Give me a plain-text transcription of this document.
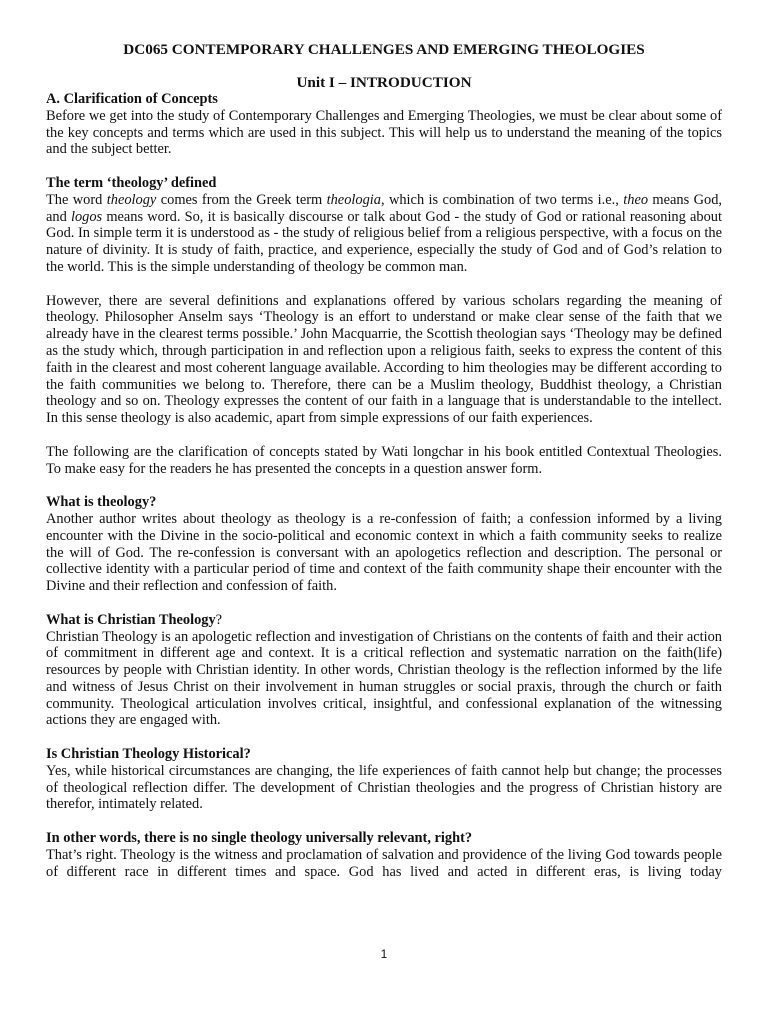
DC065 CONTEMPORARY CHALLENGES AND EMERGING THEOLOGIES
Unit I – INTRODUCTION
A. Clarification of Concepts

Before we get into the study of Contemporary Challenges and Emerging Theologies, we must be clear about some of the key concepts and terms which are used in this subject. This will help us to understand the meaning of the topics and the subject better.

The term ‘theology’ defined

The word theology comes from the Greek term theologia, which is combination of two terms i.e., theo means God, and logos means word. So, it is basically discourse or talk about God - the study of God or rational reasoning about God. In simple term it is understood as - the study of religious belief from a religious perspective, with a focus on the nature of divinity. It is study of faith, practice, and experience, especially the study of God and of God’s relation to the world. This is the simple understanding of theology be common man.

However, there are several definitions and explanations offered by various scholars regarding the meaning of theology. Philosopher Anselm says ‘Theology is an effort to understand or make clear sense of the faith that we already have in the clearest terms possible.’ John Macquarrie, the Scottish theologian says ‘Theology may be defined as the study which, through participation in and reflection upon a religious faith, seeks to express the content of this faith in the clearest and most coherent language available. According to him theologies may be different according to the faith communities we belong to. Therefore, there can be a Muslim theology, Buddhist theology, a Christian theology and so on. Theology expresses the content of our faith in a language that is understandable to the intellect. In this sense theology is also academic, apart from simple expressions of our faith experiences.

The following are the clarification of concepts stated by Wati longchar in his book entitled Contextual Theologies. To make easy for the readers he has presented the concepts in a question answer form.

What is theology?

Another author writes about theology as theology is a re-confession of faith; a confession informed by a living encounter with the Divine in the socio-political and economic context in which a faith community seeks to realize the will of God. The re-confession is conversant with an apologetics reflection and description. The personal or collective identity with a particular period of time and context of the faith community shape their encounter with the Divine and their reflection and confession of faith.

What is Christian Theology?

Christian Theology is an apologetic reflection and investigation of Christians on the contents of faith and their action of commitment in different age and context. It is a critical reflection and systematic narration on the faith(life) resources by people with Christian identity. In other words, Christian theology is the reflection informed by the life and witness of Jesus Christ on their involvement in human struggles or social praxis, through the church or faith community. Theological articulation involves critical, insightful, and confessional explanation of the witnessing actions they are engaged with.

Is Christian Theology Historical?

Yes, while historical circumstances are changing, the life experiences of faith cannot help but change; the processes of theological reflection differ. The development of Christian theologies and the progress of Christian history are therefor, intimately related.

In other words, there is no single theology universally relevant, right?

That’s right. Theology is the witness and proclamation of salvation and providence of the living God towards people of different race in different times and space. God has lived and acted in different eras, is living today

1
